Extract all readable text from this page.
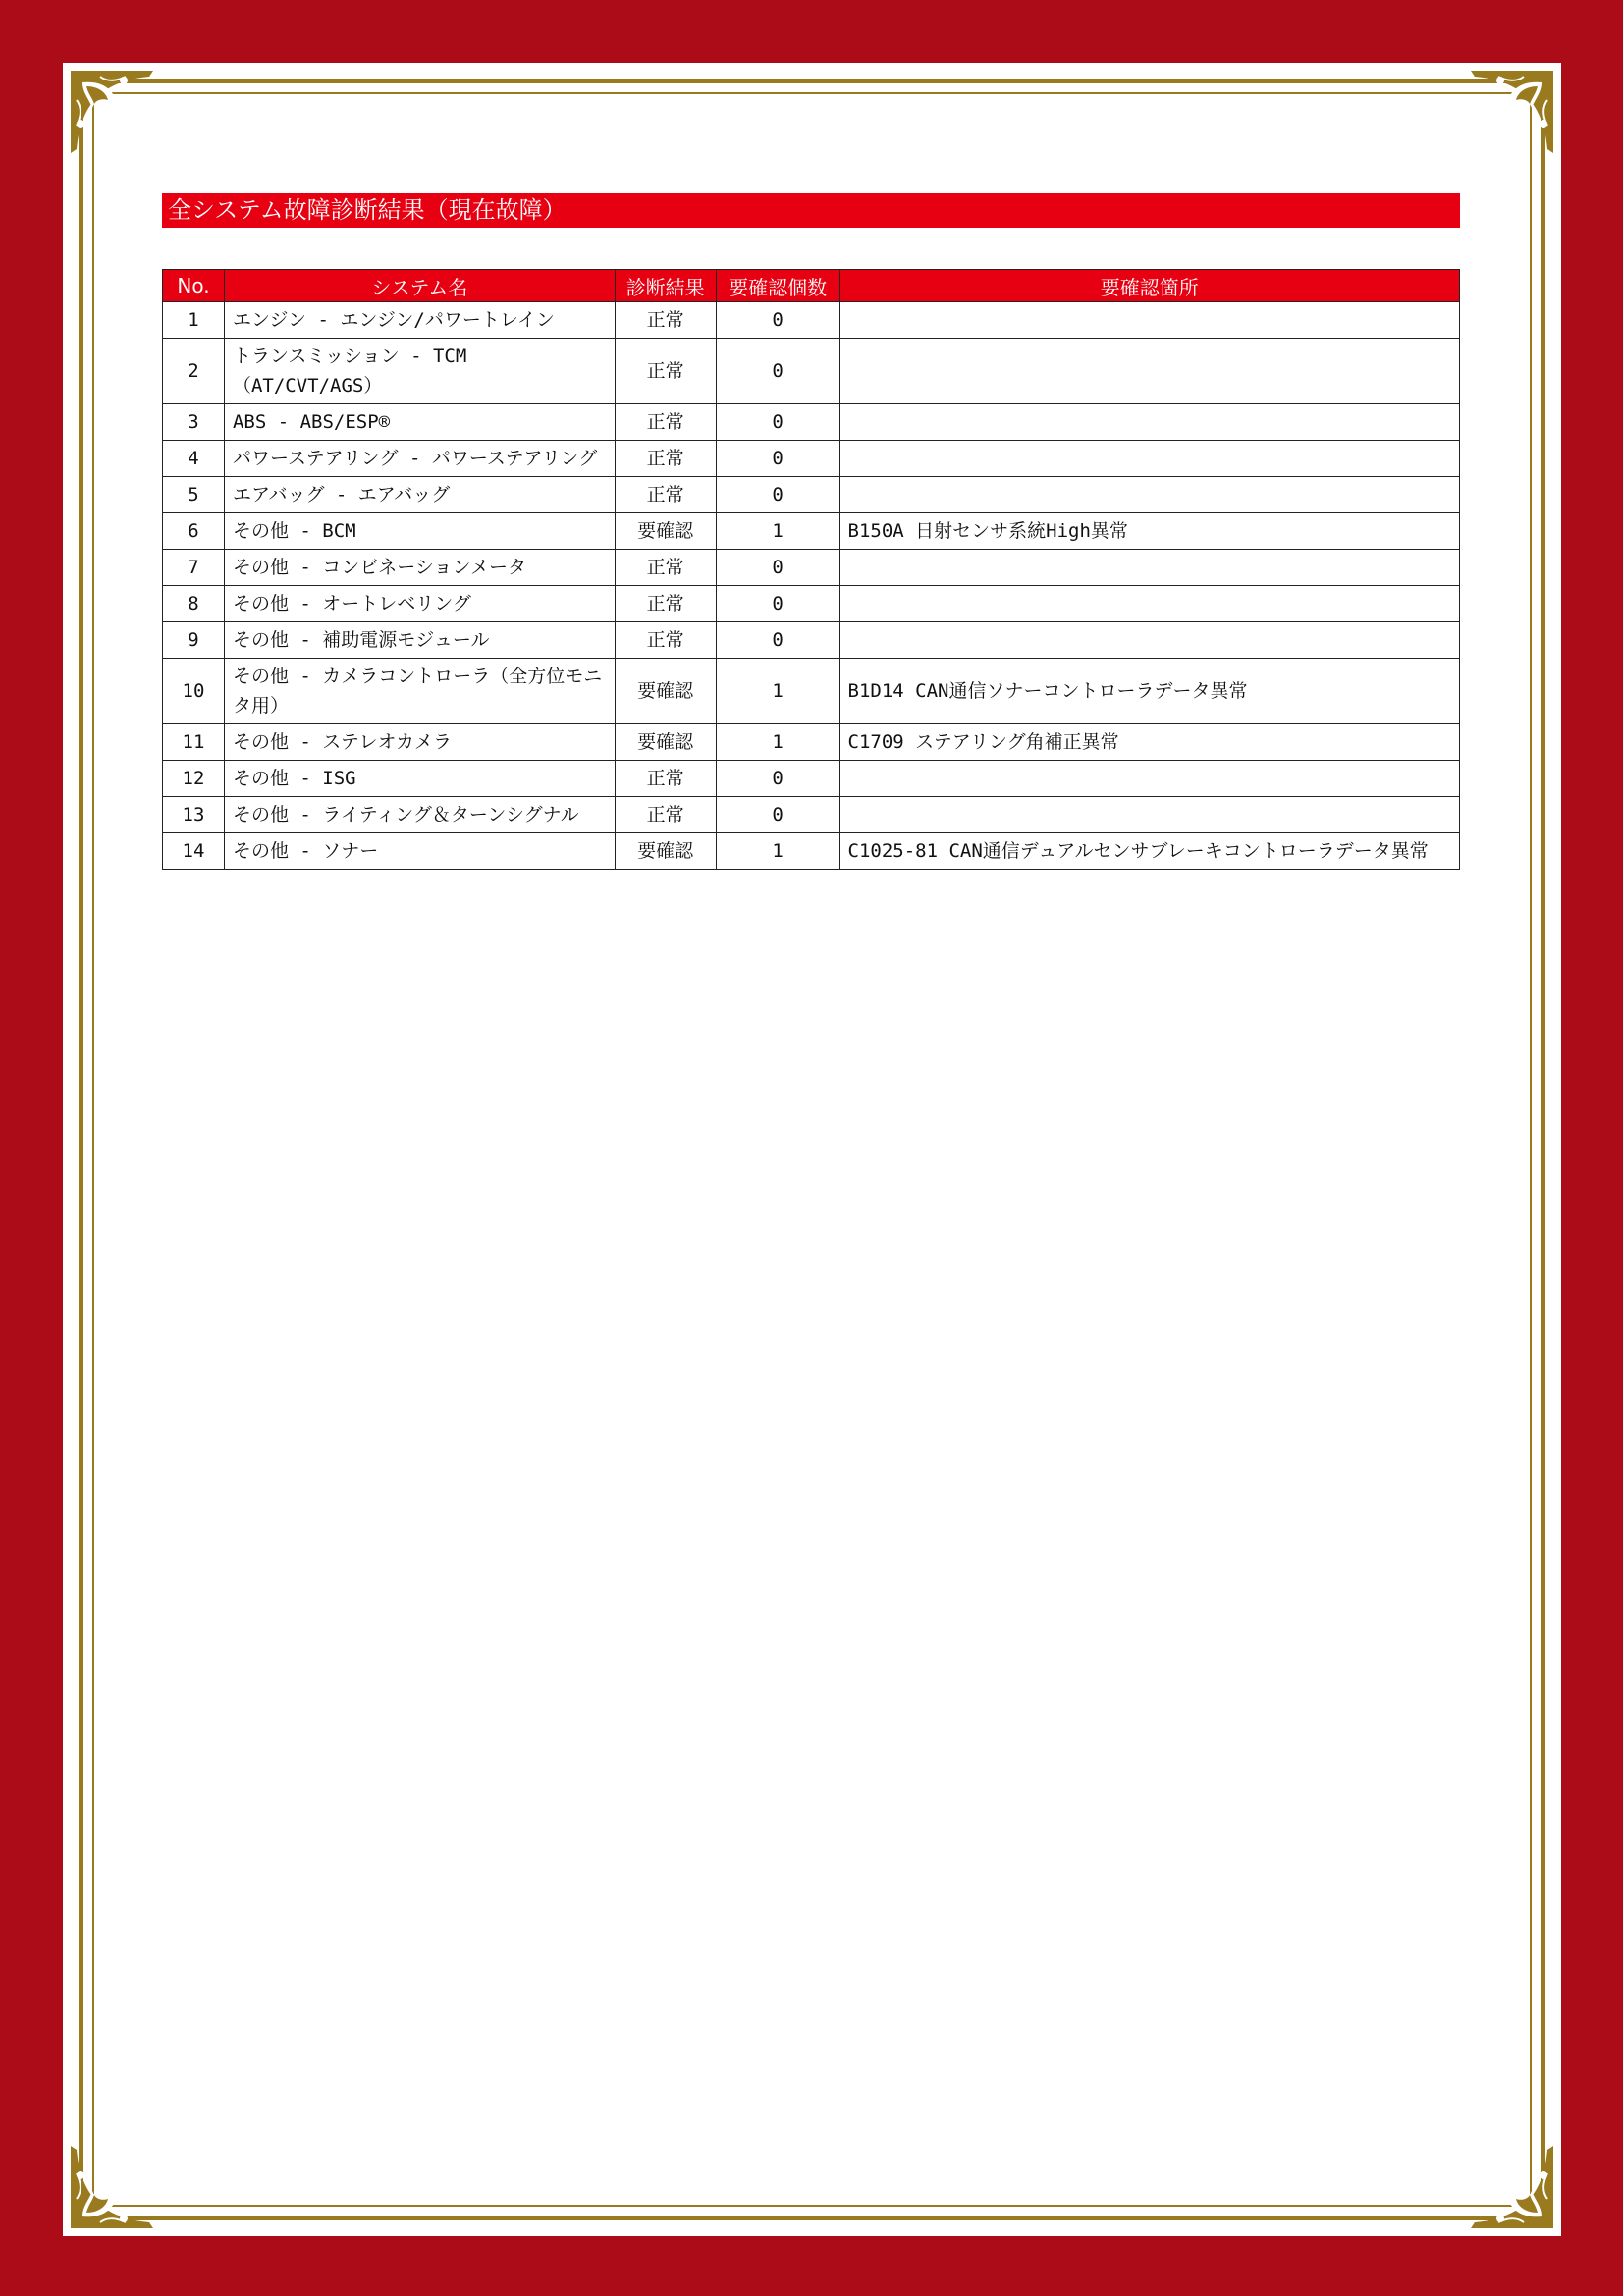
全システム故障診断結果（現在故障）
No.	システム名	診断結果	要確認個数	要確認箇所
1	エンジン - エンジン/パワートレイン	正常	0	
2	トランスミッション - TCM（AT/CVT/AGS）	正常	0	
3	ABS - ABS/ESP®	正常	0	
4	パワーステアリング - パワーステアリング	正常	0	
5	エアバッグ - エアバッグ	正常	0	
6	その他 - BCM	要確認	1	B150A 日射センサ系統High異常
7	その他 - コンビネーションメータ	正常	0	
8	その他 - オートレベリング	正常	0	
9	その他 - 補助電源モジュール	正常	0	
10	その他 - カメラコントローラ（全方位モニタ用）	要確認	1	B1D14 CAN通信ソナーコントローラデータ異常
11	その他 - ステレオカメラ	要確認	1	C1709 ステアリング角補正異常
12	その他 - ISG	正常	0	
13	その他 - ライティング＆ターンシグナル	正常	0	
14	その他 - ソナー	要確認	1	C1025-81 CAN通信デュアルセンサブレーキコントローラデータ異常
